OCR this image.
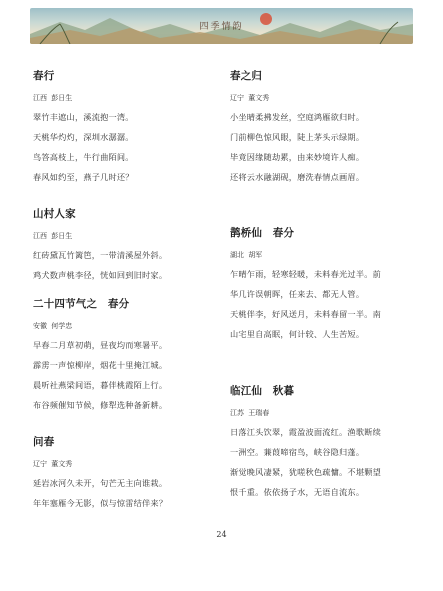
四季情韵
春行
江西 彭日生
翠竹丰遮山，溪流抱一湾。
天桃华灼灼，深圳水潺潺。
鸟答高枝上，牛行曲陌间。
春风如约至，燕子几时还？
山村人家
江西 彭日生
红砖黛瓦竹篱笆，一带清溪屋外斜。
鸡犬数声桃李径，恍如回到旧时家。
二十四节气之　春分
安徽 何学忠
早春二月草初萌，昼夜均而寒暑平。
霹雳一声惊柳岸，烟花十里掩江城。
晨听社燕梁间语，暮伴桃霞陌上行。
布谷频催知节候，修犁选种备新耕。
问春
辽宁 董文秀
延岩冰河久未开，句芒无主向谁栽。
年年塞雁今无影，似与惊雷结伴来？
春之归
辽宁 董文秀
小坐晴柔拂发丝，空庭鸿雁欲归时。
门前柳色惊风眼，陡上茅头示绿期。
毕竟因缘随劫累，由来妙境许人痴。
还将云水融湖砚，磨洗春情点画眉。
鹊桥仙　春分
湖北 胡军
乍晴乍雨，轻寒轻暖，未料春光过半。前
华几许误朝晖，任来去、都无人管。
天桃伴李，好风送月，未料春留一半。南
山宅里自高眠，何计较、人生苦短。
临江仙　秋暮
江苏 王瑞春
日落江头饮翠，霞盈波面流红。渔歌断续
一洲空。蒹葭啼宿鸟，峡谷隐归蓬。
渐觉晚风凄紧，犹嗟秋色疏慵。不堪颗望
恨千重。依依扬子水，无语自流东。
24
